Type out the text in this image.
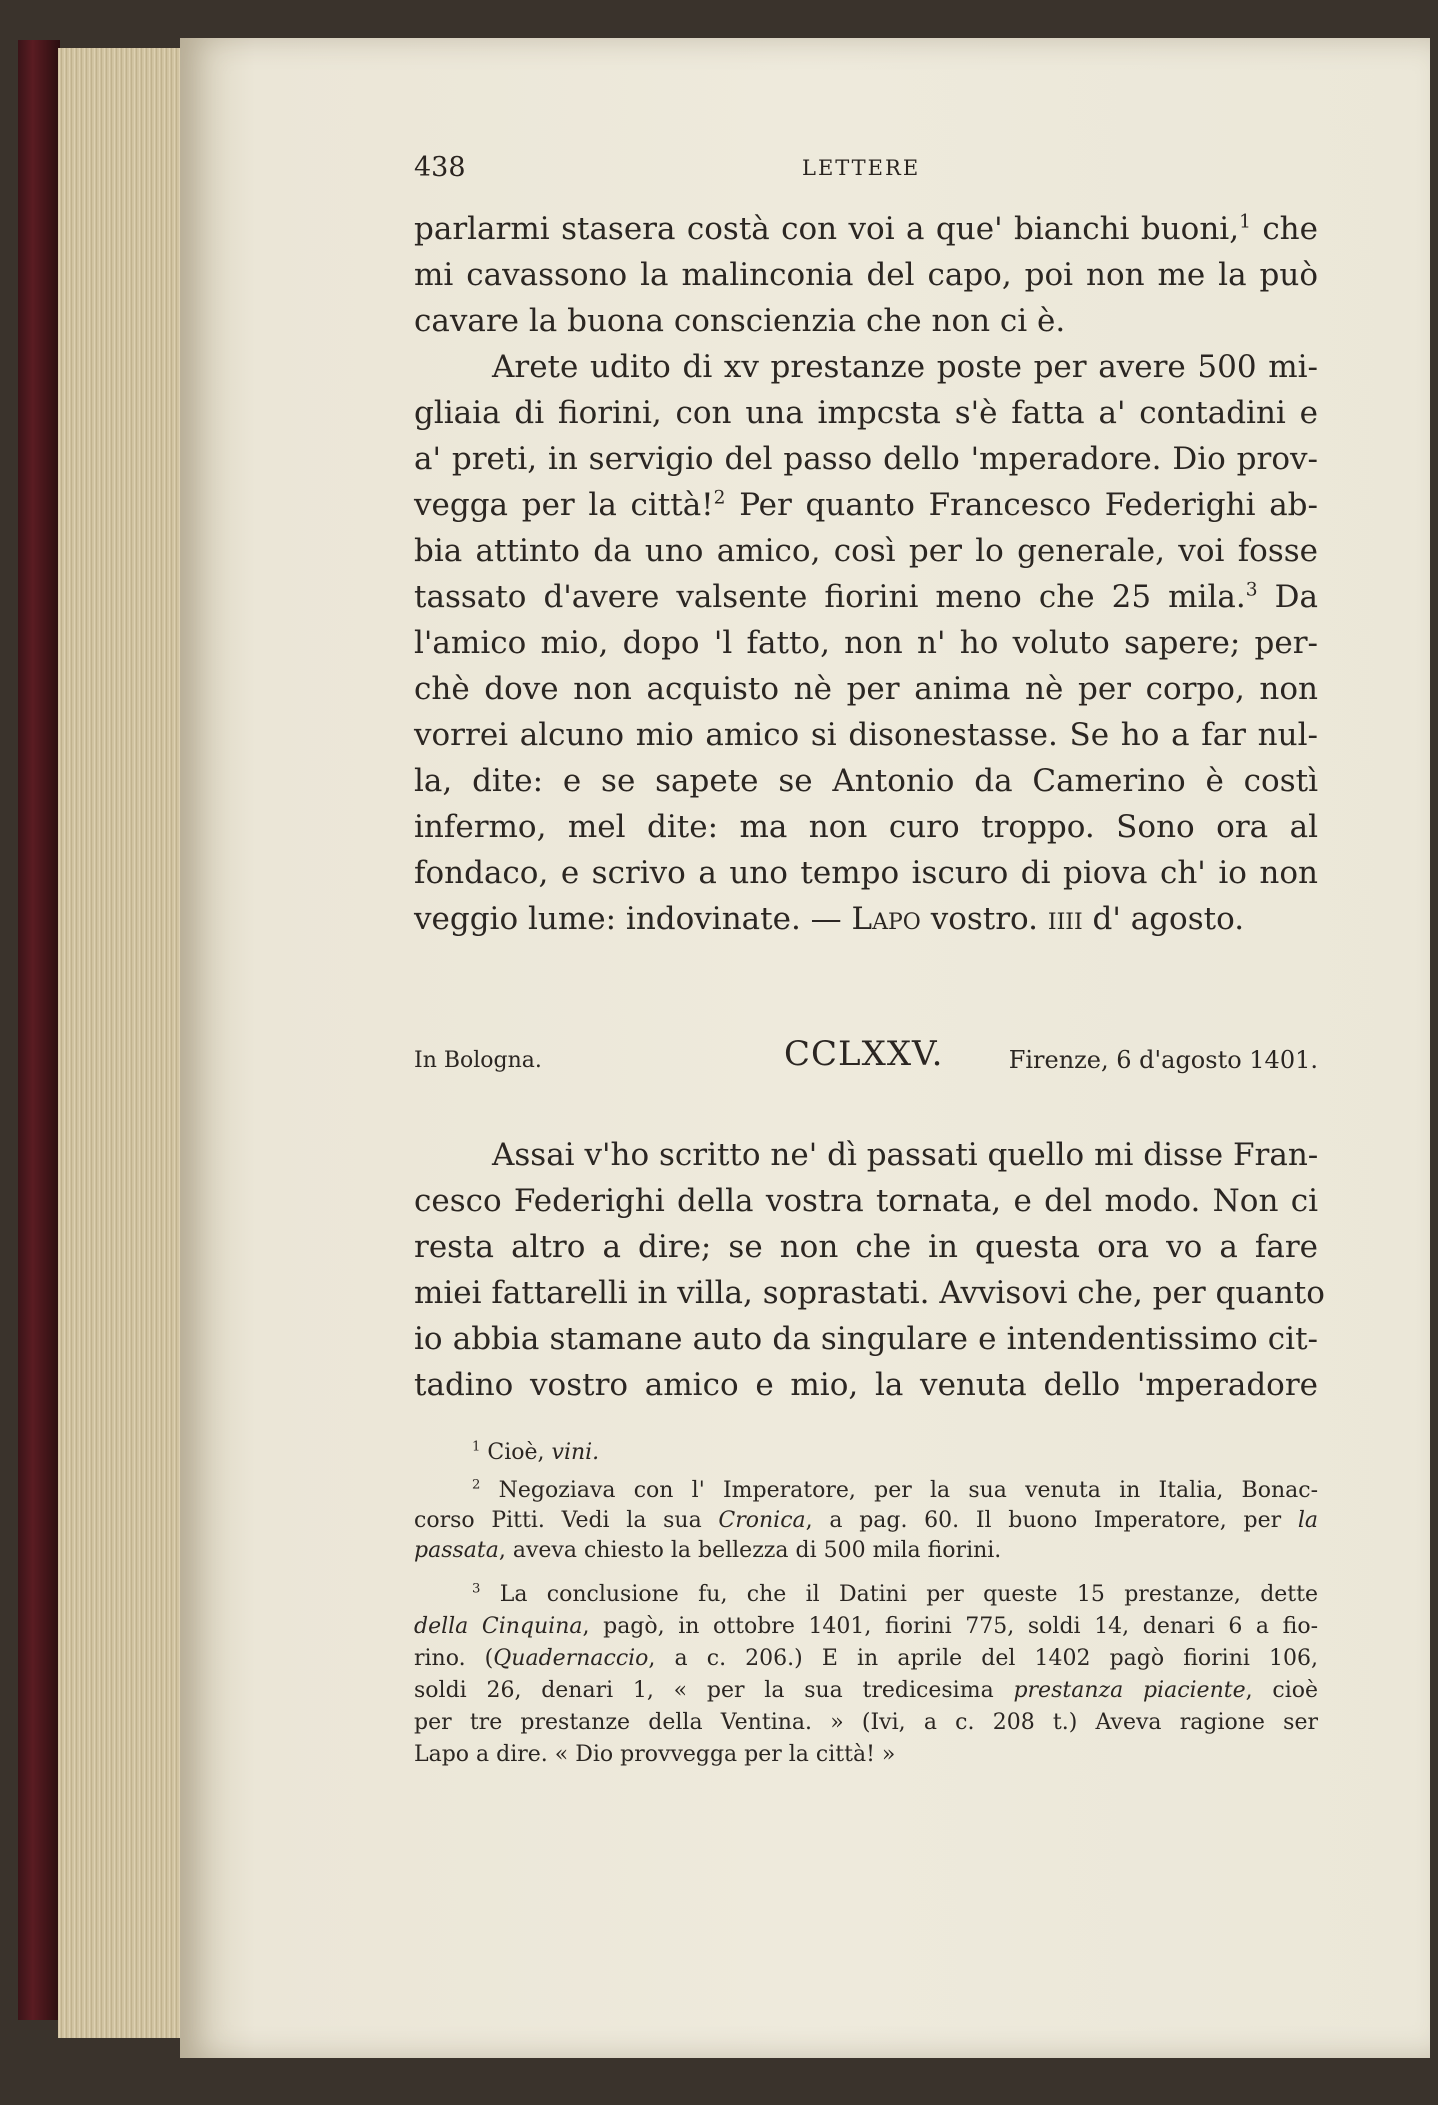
438	LETTERE
parlarmi stasera costà con voi a que' bianchi buoni,$^1$ che
mi cavassono la malinconia del capo, poi non me la può
cavare la buona conscienzia che non ci è.
Arete udito di xv prestanze poste per avere 500 mi-
gliaia di fiorini, con una impcsta s'è fatta a' contadini e
a' preti, in servigio del passo dello 'mperadore. Dio prov-
vegga per la città!$^2$ Per quanto Francesco Federighi ab-
bia attinto da uno amico, così per lo generale, voi fosse
tassato d'avere valsente fiorini meno che 25 mila.$^3$ Da
l'amico mio, dopo 'l fatto, non n' ho voluto sapere; per-
chè dove non acquisto nè per anima nè per corpo, non
vorrei alcuno mio amico si disonestasse. Se ho a far nul-
la, dite: e se sapete se Antonio da Camerino è costì
infermo, mel dite: ma non curo troppo. Sono ora al
fondaco, e scrivo a uno tempo iscuro di piova ch' io non
veggio lume: indovinate. — Lapo vostro. iiii d' agosto.
In Bologna.	CCLXXV.	Firenze, 6 d'agosto 1401.
Assai v'ho scritto ne' dì passati quello mi disse Fran-
cesco Federighi della vostra tornata, e del modo. Non ci
resta altro a dire; se non che in questa ora vo a fare
miei fattarelli in villa, soprastati. Avvisovi che, per quanto
io abbia stamane auto da singulare e intendentissimo cit-
tadino vostro amico e mio, la venuta dello 'mperadore
$^1$ Cioè, vini.
$^2$ Negoziava con l' Imperatore, per la sua venuta in Italia, Bonac-
corso Pitti. Vedi la sua Cronica, a pag. 60. Il buono Imperatore, per la
passata, aveva chiesto la bellezza di 500 mila fiorini.
$^3$ La conclusione fu, che il Datini per queste 15 prestanze, dette
della Cinquina, pagò, in ottobre 1401, fiorini 775, soldi 14, denari 6 a fio-
rino. (Quadernaccio, a c. 206.) E in aprile del 1402 pagò fiorini 106,
soldi 26, denari 1, « per la sua tredicesima prestanza piaciente, cioè
per tre prestanze della Ventina. » (Ivi, a c. 208 t.) Aveva ragione ser
Lapo a dire. « Dio provvegga per la città! »
